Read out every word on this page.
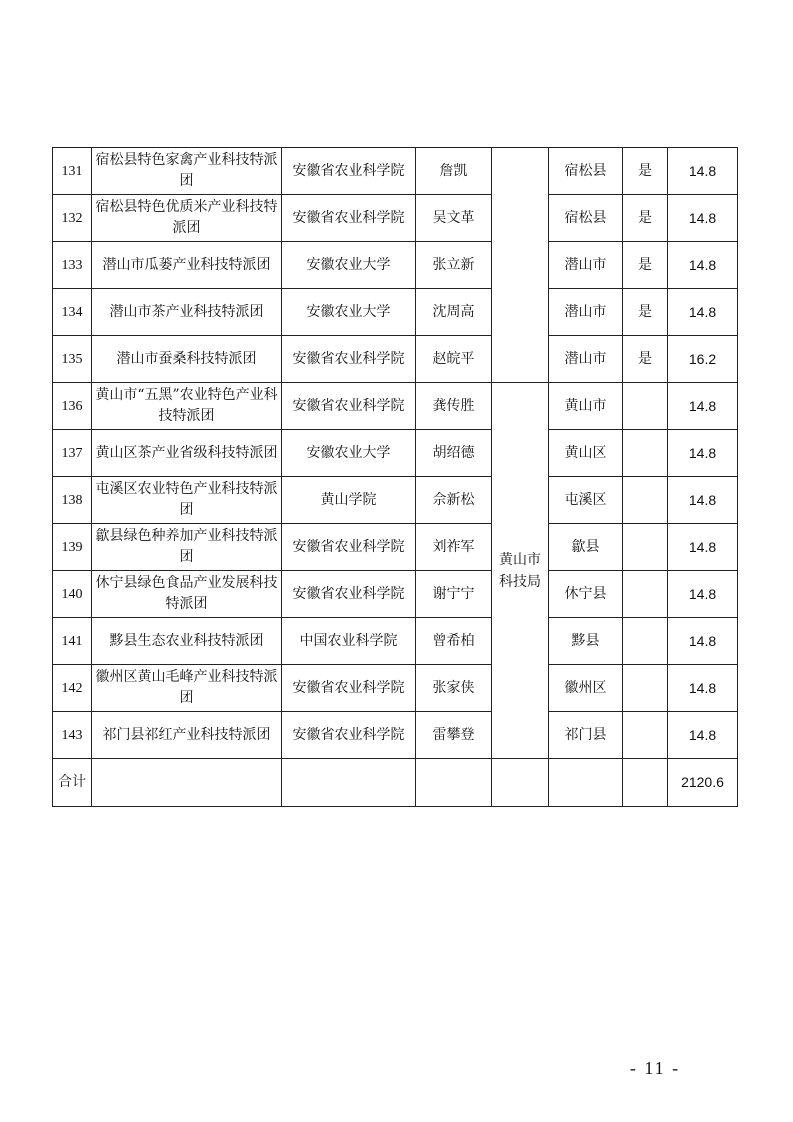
131	宿松县特色家禽产业科技特派团	安徽省农业科学院	詹凯		宿松县	是	14.8
132	宿松县特色优质米产业科技特派团	安徽省农业科学院	吴文革		宿松县	是	14.8
133	潜山市瓜蒌产业科技特派团	安徽农业大学	张立新		潜山市	是	14.8
134	潜山市茶产业科技特派团	安徽农业大学	沈周高		潜山市	是	14.8
135	潜山市蚕桑科技特派团	安徽省农业科学院	赵皖平		潜山市	是	16.2
136	黄山市“五黑”农业特色产业科技特派团	安徽省农业科学院	龚传胜	黄山市科技局	黄山市		14.8
137	黄山区茶产业省级科技特派团	安徽农业大学	胡绍德		黄山区		14.8
138	屯溪区农业特色产业科技特派团	黄山学院	佘新松		屯溪区		14.8
139	歙县绿色种养加产业科技特派团	安徽省农业科学院	刘祚军		歙县		14.8
140	休宁县绿色食品产业发展科技特派团	安徽省农业科学院	谢宁宁		休宁县		14.8
141	黟县生态农业科技特派团	中国农业科学院	曾希柏		黟县		14.8
142	徽州区黄山毛峰产业科技特派团	安徽省农业科学院	张家侠		徽州区		14.8
143	祁门县祁红产业科技特派团	安徽省农业科学院	雷攀登		祁门县		14.8
合计							2120.6
- 11 -
